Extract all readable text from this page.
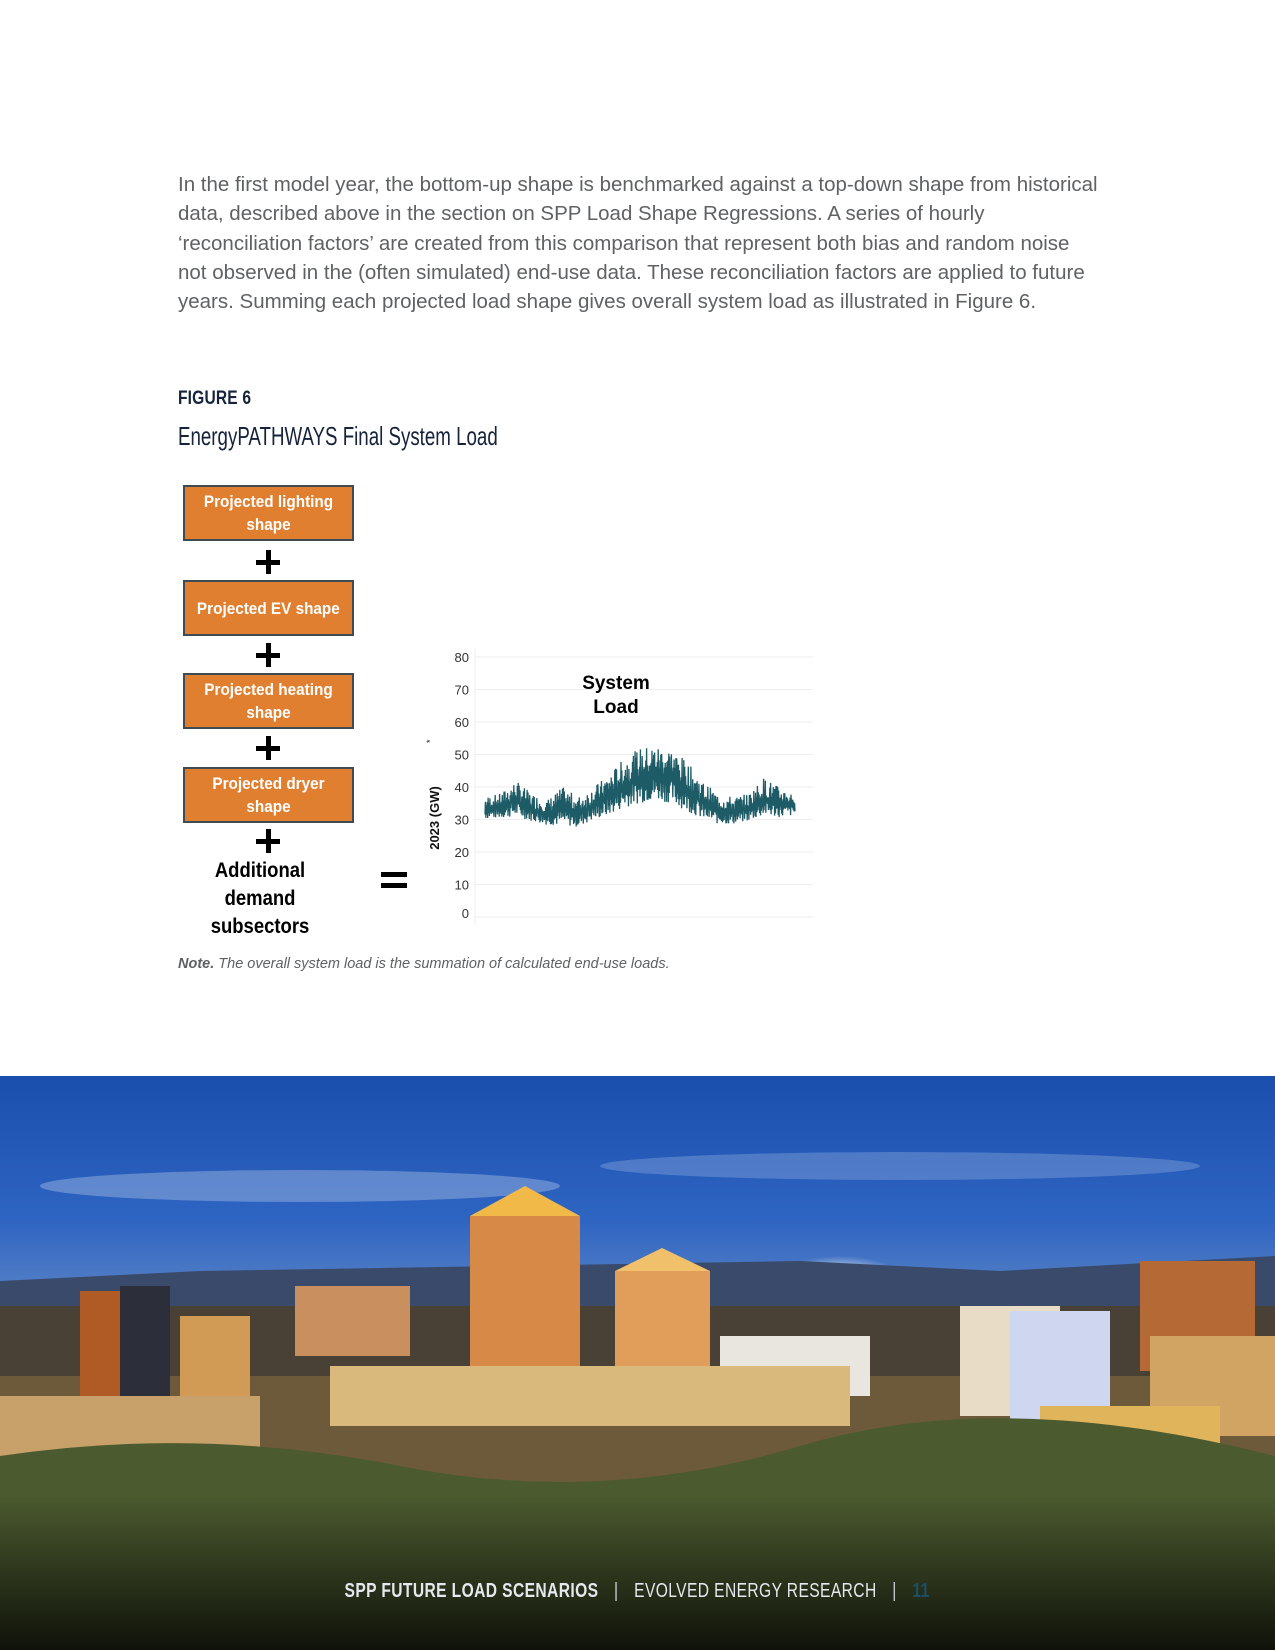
In the first model year, the bottom-up shape is benchmarked against a top-down shape from historical data, described above in the section on SPP Load Shape Regressions. A series of hourly ‘reconciliation factors’ are created from this comparison that represent both bias and random noise not observed in the (often simulated) end-use data. These reconciliation factors are applied to future years. Summing each projected load shape gives overall system load as illustrated in Figure 6.

FIGURE 6
EnergyPATHWAYS Final System Load
Projected lighting shape
Projected EV shape
Projected heating shape
Projected dryer shape
Additional demand subsectors
0
10
20
30
40
50
60
70
80
2023 (GW)
*
System
Load
Note. The overall system load is the summation of calculated end-use loads.
SPP FUTURE LOAD SCENARIOS | EVOLVED ENERGY RESEARCH | 11
